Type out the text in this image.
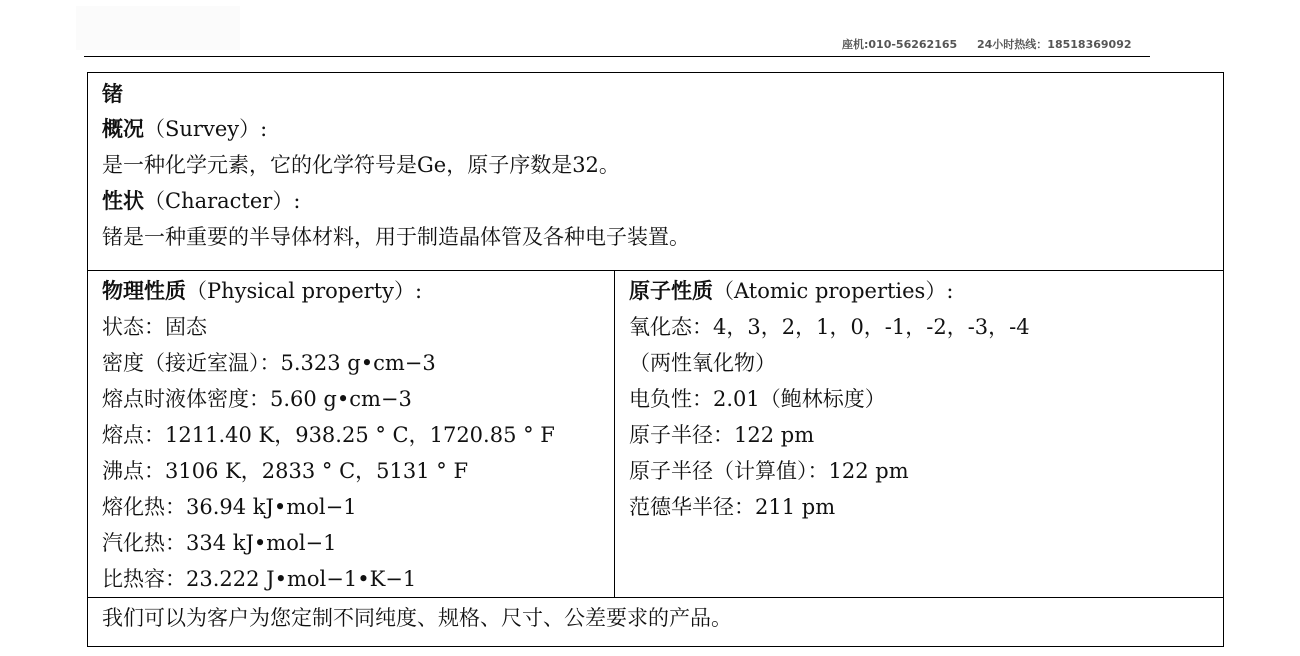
座机:010-56262165 24小时热线：18518369092
锗
概况（Survey）:
是一种化学元素，它的化学符号是Ge，原子序数是32。
性状（Character）:
锗是一种重要的半导体材料，用于制造晶体管及各种电子装置。

物理性质（Physical property）:
状态：固态
密度（接近室温）：5.323 g•cm−3
熔点时液体密度：5.60 g•cm−3
熔点：1211.40 K，938.25 ° C，1720.85 ° F
沸点：3106 K，2833 ° C，5131 ° F
熔化热：36.94 kJ•mol−1
汽化热：334 kJ•mol−1
比热容：23.222 J•mol−1•K−1

原子性质（Atomic properties）:
氧化态：4，3，2，1，0，-1，-2，-3，-4
（两性氧化物）
电负性：2.01（鲍林标度）
原子半径：122 pm
原子半径（计算值）：122 pm
范德华半径：211 pm

我们可以为客户为您定制不同纯度、规格、尺寸、公差要求的产品。
